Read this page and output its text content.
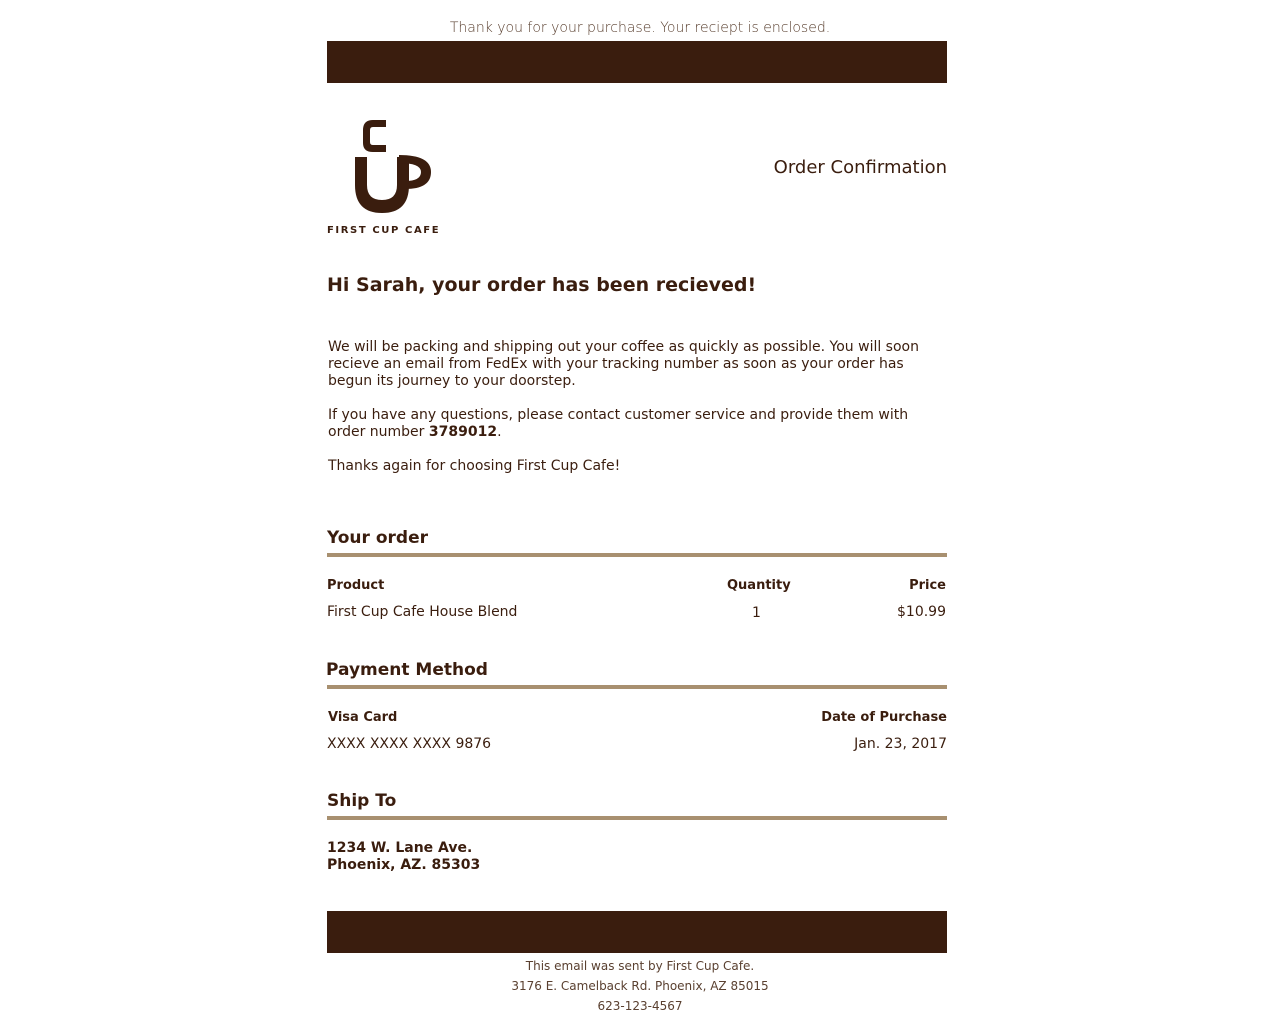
Thank you for your purchase. Your reciept is enclosed.
FIRST CUP CAFE
Order Confirmation
Hi Sarah, your order has been recieved!
We will be packing and shipping out your coffee as quickly as possible. You will soon recieve an email from FedEx with your tracking number as soon as your order has begun its journey to your doorstep.
If you have any questions, please contact customer service and provide them with order number 3789012.
Thanks again for choosing First Cup Cafe!
Your order
Product	Quantity	Price
First Cup Cafe House Blend	1	$10.99
Payment Method
Visa Card	Date of Purchase
XXXX XXXX XXXX 9876	Jan. 23, 2017
Ship To
1234 W. Lane Ave.
Phoenix, AZ. 85303
This email was sent by First Cup Cafe.
3176 E. Camelback Rd. Phoenix, AZ 85015
623-123-4567
